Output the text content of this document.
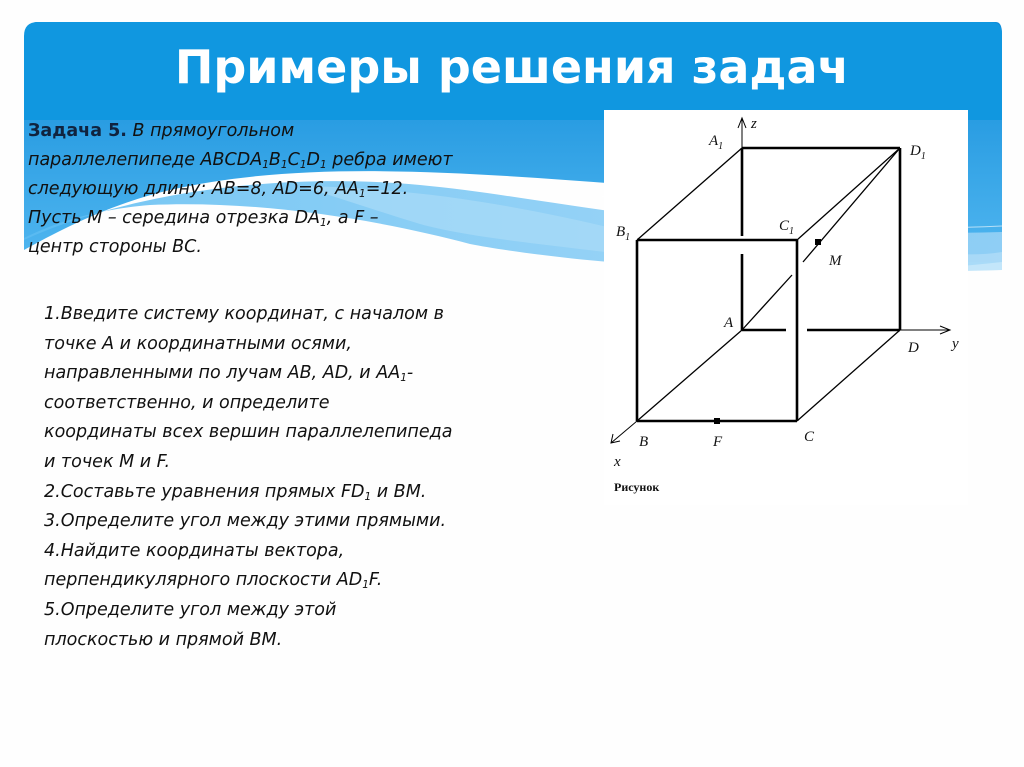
Примеры решения задач
Задача 5. В прямоугольном
параллелепипеде $ABCDA_1B_1C_1D_1$ ребра имеют
следующую длину: AB=8, AD=6, $AA_1=12$.
Пусть M – середина отрезка $DA_1$, а F –
центр стороны BC.
1.Введите систему координат, с началом в
точке A и координатными осями,
направленными по лучам AB, AD, и $AA_1-$
соответственно, и определите
координаты всех вершин параллелепипеда
и точек M и F.
2.Составьте уравнения прямых $FD_1$ и BM.
3.Определите угол между этими прямыми.
4.Найдите координаты вектора,
перпендикулярного плоскости $AD_1F$.
5.Определите угол между этой
плоскостью и прямой BM.
$A_1$
z
$D_1$
$B_1$
$C_1$
M
A
D y
B	F	C
x
Рисунок
